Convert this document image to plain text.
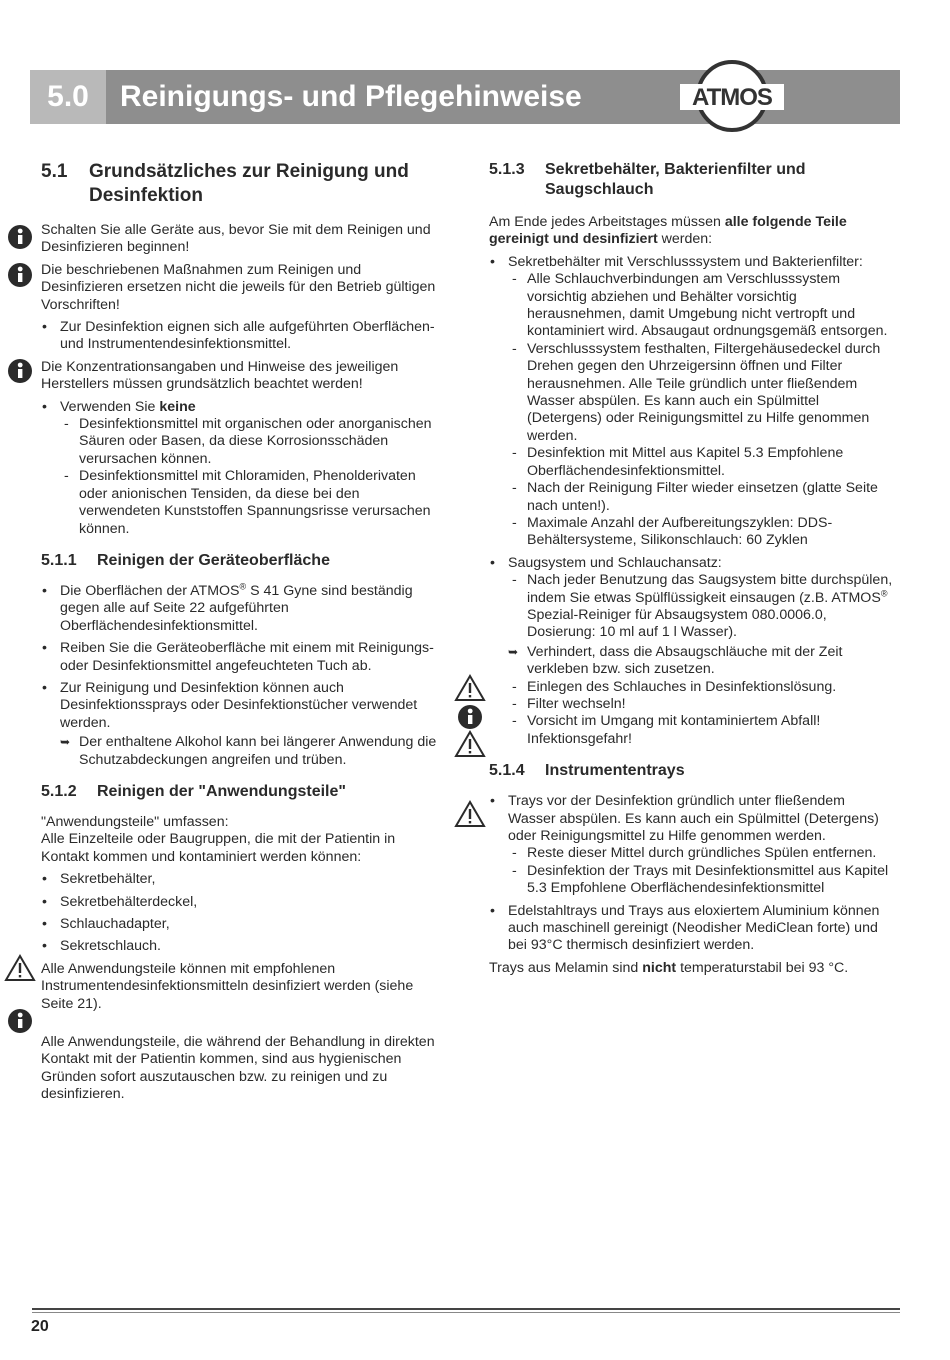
5.0	Reinigungs- und Pflegehinweise	ATMOS
5.1	Grundsätzliches zur Reinigung und Desinfektion

Schalten Sie alle Geräte aus, bevor Sie mit dem Reinigen und Desinfizieren beginnen!

Die beschriebenen Maßnahmen zum Reinigen und Desinfizieren ersetzen nicht die jeweils für den Betrieb gültigen Vorschriften!

• Zur Desinfektion eignen sich alle aufgeführten Oberflächen- und Instrumentendesinfektionsmittel.

Die Konzentrationsangaben und Hinweise des jeweiligen Herstellers müssen grundsätzlich beachtet werden!

• Verwenden Sie keine
- Desinfektionsmittel mit organischen oder anorganischen Säuren oder Basen, da diese Korrosionsschäden verursachen können.
- Desinfektionsmittel mit Chloramiden, Phenolderivaten oder anionischen Tensiden, da diese bei den verwendeten Kunststoffen Spannungsrisse verursachen können.
5.1.1	Reinigen der Geräteoberfläche
• Die Oberflächen der ATMOS® S 41 Gyne sind beständig gegen alle auf Seite 22 aufgeführten Oberflächendesinfektionsmittel.
• Reiben Sie die Geräteoberfläche mit einem mit Reinigungs- oder Desinfektionsmittel angefeuchteten Tuch ab.
• Zur Reinigung und Desinfektion können auch Desinfektionssprays oder Desinfektionstücher verwendet werden.
➥ Der enthaltene Alkohol kann bei längerer Anwendung die Schutzabdeckungen angreifen und trüben.
5.1.2	Reinigen der "Anwendungsteile"

"Anwendungsteile" umfassen:

Alle Einzelteile oder Baugruppen, die mit der Patientin in Kontakt kommen und kontaminiert werden können:

• Sekretbehälter,
• Sekretbehälterdeckel,
• Schlauchadapter,
• Sekretschlauch.

Alle Anwendungsteile können mit empfohlenen Instrumentendesinfektionsmitteln desinfiziert werden (siehe Seite 21).

Alle Anwendungsteile, die während der Behandlung in direkten Kontakt mit der Patientin kommen, sind aus hygienischen Gründen sofort auszutauschen bzw. zu reinigen und zu desinfizieren.

5.1.3	Sekretbehälter, Bakterienfilter und Saugschlauch

Am Ende jedes Arbeitstages müssen alle folgende Teile gereinigt und desinfiziert werden:

• Sekretbehälter mit Verschlusssystem und Bakterienfilter:
- Alle Schlauchverbindungen am Verschlusssystem vorsichtig abziehen und Behälter vorsichtig herausnehmen, damit Umgebung nicht vertropft und kontaminiert wird. Absaugaut ordnungsgemäß entsorgen.
- Verschlusssystem festhalten, Filtergehäusedeckel durch Drehen gegen den Uhrzeigersinn öffnen und Filter herausnehmen. Alle Teile gründlich unter fließendem Wasser abspülen. Es kann auch ein Spülmittel (Detergens) oder Reinigungsmittel zu Hilfe genommen werden.
- Desinfektion mit Mittel aus Kapitel 5.3 Empfohlene Oberflächendesinfektionsmittel.
- Nach der Reinigung Filter wieder einsetzen (glatte Seite nach unten!).
- Maximale Anzahl der Aufbereitungszyklen: DDS-Behältersysteme, Silikonschlauch: 60 Zyklen
• Saugsystem und Schlauchansatz:
- Nach jeder Benutzung das Saugsystem bitte durchspülen, indem Sie etwas Spülflüssigkeit einsaugen (z.B. ATMOS® Spezial-Reiniger für Absaugsystem 080.0006.0, Dosierung: 10 ml auf 1 l Wasser).
➥ Verhindert, dass die Absaugschläuche mit der Zeit verkleben bzw. sich zusetzen.
- Einlegen des Schlauches in Desinfektionslösung.
- Filter wechseln!
- Vorsicht im Umgang mit kontaminiertem Abfall! Infektionsgefahr!
5.1.4	Instrumententrays
• Trays vor der Desinfektion gründlich unter fließendem Wasser abspülen. Es kann auch ein Spülmittel (Detergens) oder Reinigungsmittel zu Hilfe genommen werden.
- Reste dieser Mittel durch gründliches Spülen entfernen.
- Desinfektion der Trays mit Desinfektionsmittel aus Kapitel 5.3 Empfohlene Oberflächendesinfektionsmittel
• Edelstahltrays und Trays aus eloxiertem Aluminium können auch maschinell gereinigt (Neodisher MediClean forte) und bei 93°C thermisch desinfiziert werden.

Trays aus Melamin sind nicht temperaturstabil bei 93 °C.

20
